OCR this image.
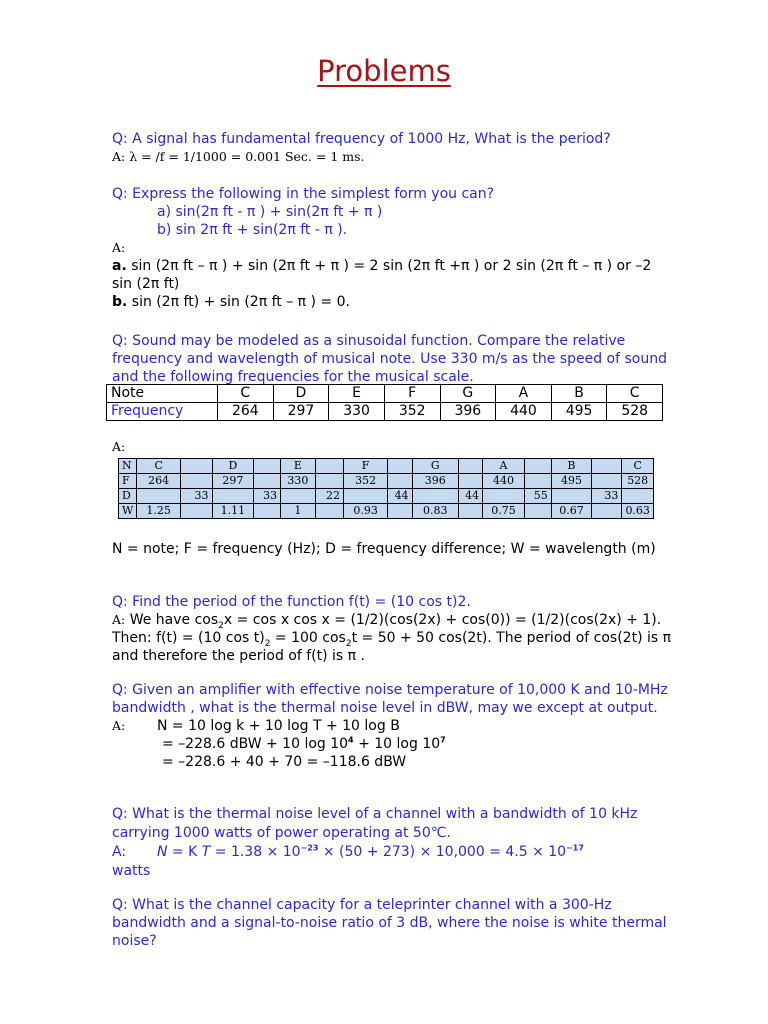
Problems
Q: A signal has fundamental frequency of 1000 Hz, What is the period?
A: λ = /f = 1/1000 = 0.001 Sec. = 1 ms.
Q: Express the following in the simplest form you can?
a) sin(2π ft - π ) + sin(2π ft + π )
b) sin 2π ft + sin(2π ft - π ).
A:
a. sin (2π ft – π ) + sin (2π ft + π ) = 2 sin (2π ft +π ) or 2 sin (2π ft – π ) or –2 sin (2π ft)
b. sin (2π ft) + sin (2π ft – π ) = 0.
Q: Sound may be modeled as a sinusoidal function. Compare the relative frequency and wavelength of musical note. Use 330 m/s as the speed of sound and the following frequencies for the musical scale.
Note	C	D	E	F	G	A	B	C
Frequency	264	297	330	352	396	440	495	528
A:
N	C		D		E		F		G		A		B		C
F	264		297		330		352		396		440		495		528
D		33		33		22		44		44		55		33	
W	1.25		1.11		1		0.93		0.83		0.75		0.67		0.63
N = note; F = frequency (Hz); D = frequency difference; W = wavelength (m)
Q: Find the period of the function f(t) = (10 cos t)2.
A: We have $\cos_2x = \cos x$ cos x = (1/2)(cos(2x) + cos(0)) = (1/2)(cos(2x) + 1). Then: f(t) = (10 $\cos t)_2 = 100$ $\cos_2t = 50 + 50$ cos(2t). The period of cos(2t) is π and therefore the period of f(t) is π .
Q: Given an amplifier with effective noise temperature of 10,000 K and 10-MHz bandwidth , what is the thermal noise level in dBW, may we except at output.
A: N = 10 log k + 10 log T + 10 log B
= –228.6 dBW + 10 $\log 10^4 + 10$ $\log 10^7$
= –228.6 + 40 + 70 = –118.6 dBW
Q: What is the thermal noise level of a channel with a bandwidth of 10 kHz carrying 1000 watts of power operating at 50℃.
A: N = K $T = 1.38 \times 10^{-23} \times (50 + 273) \times 10,000 = 4.5 \times 10^{-17}$
watts
Q: What is the channel capacity for a teleprinter channel with a 300-Hz bandwidth and a signal-to-noise ratio of 3 dB, where the noise is white thermal noise?
